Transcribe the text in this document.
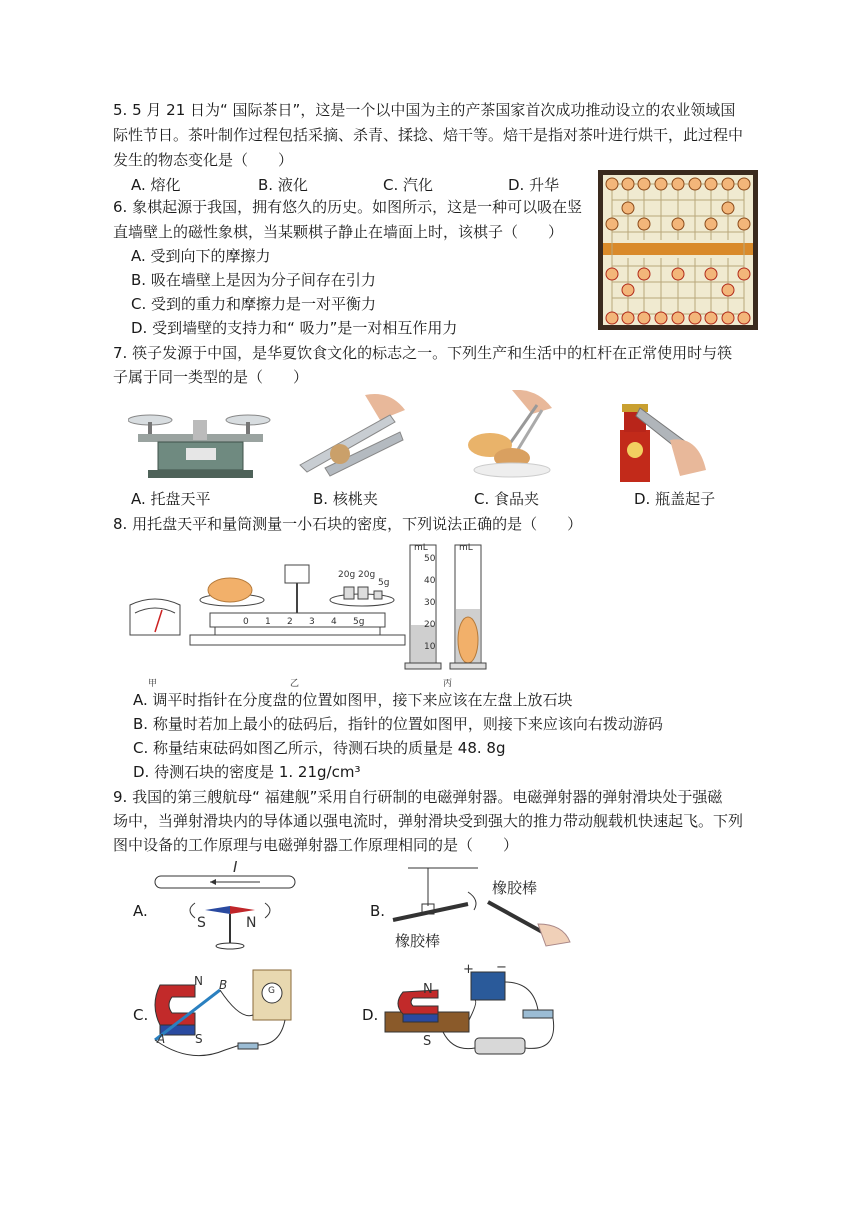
5. 5 月 21 日为“ 国际茶日”，这是一个以中国为主的产茶国家首次成功推动设立的农业领域国
际性节日。茶叶制作过程包括采摘、杀青、揉捻、焙干等。焙干是指对茶叶进行烘干，此过程中
发生的物态变化是（　　）
A. 熔化	B. 液化	C. 汽化	D. 升华
6. 象棋起源于我国，拥有悠久的历史。如图所示，这是一种可以吸在竖
直墙壁上的磁性象棋，当某颗棋子静止在墙面上时，该棋子（　　）
A. 受到向下的摩擦力
B. 吸在墙壁上是因为分子间存在引力
C. 受到的重力和摩擦力是一对平衡力
D. 受到墙壁的支持力和“ 吸力”是一对相互作用力
7. 筷子发源于中国，是华夏饮食文化的标志之一。下列生产和生活中的杠杆在正常使用时与筷
子属于同一类型的是（　　）
A. 托盘天平	B. 核桃夹	C. 食品夹	D. 瓶盖起子
8. 用托盘天平和量筒测量一小石块的密度，下列说法正确的是（　　）
甲	乙	丙
20g 20g
5g
mL	mL
50
40
30
20
10
0 1 2 3 4 5g
A. 调平时指针在分度盘的位置如图甲，接下来应该在左盘上放石块
B. 称量时若加上最小的砝码后，指针的位置如图甲，则接下来应该向右拨动游码
C. 称量结束砝码如图乙所示，待测石块的质量是 48. 8g
D. 待测石块的密度是 1. 21g/cm³
9. 我国的第三艘航母“ 福建舰”采用自行研制的电磁弹射器。电磁弹射器的弹射滑块处于强磁
场中，当弹射滑块内的导体通以强电流时，弹射滑块受到强大的推力带动舰载机快速起飞。下列
图中设备的工作原理与电磁弹射器工作原理相同的是（　　）
A.
I
S	N
B.
橡胶棒
橡胶棒
C.
N B
A S
G
D.
N
S
+ −
